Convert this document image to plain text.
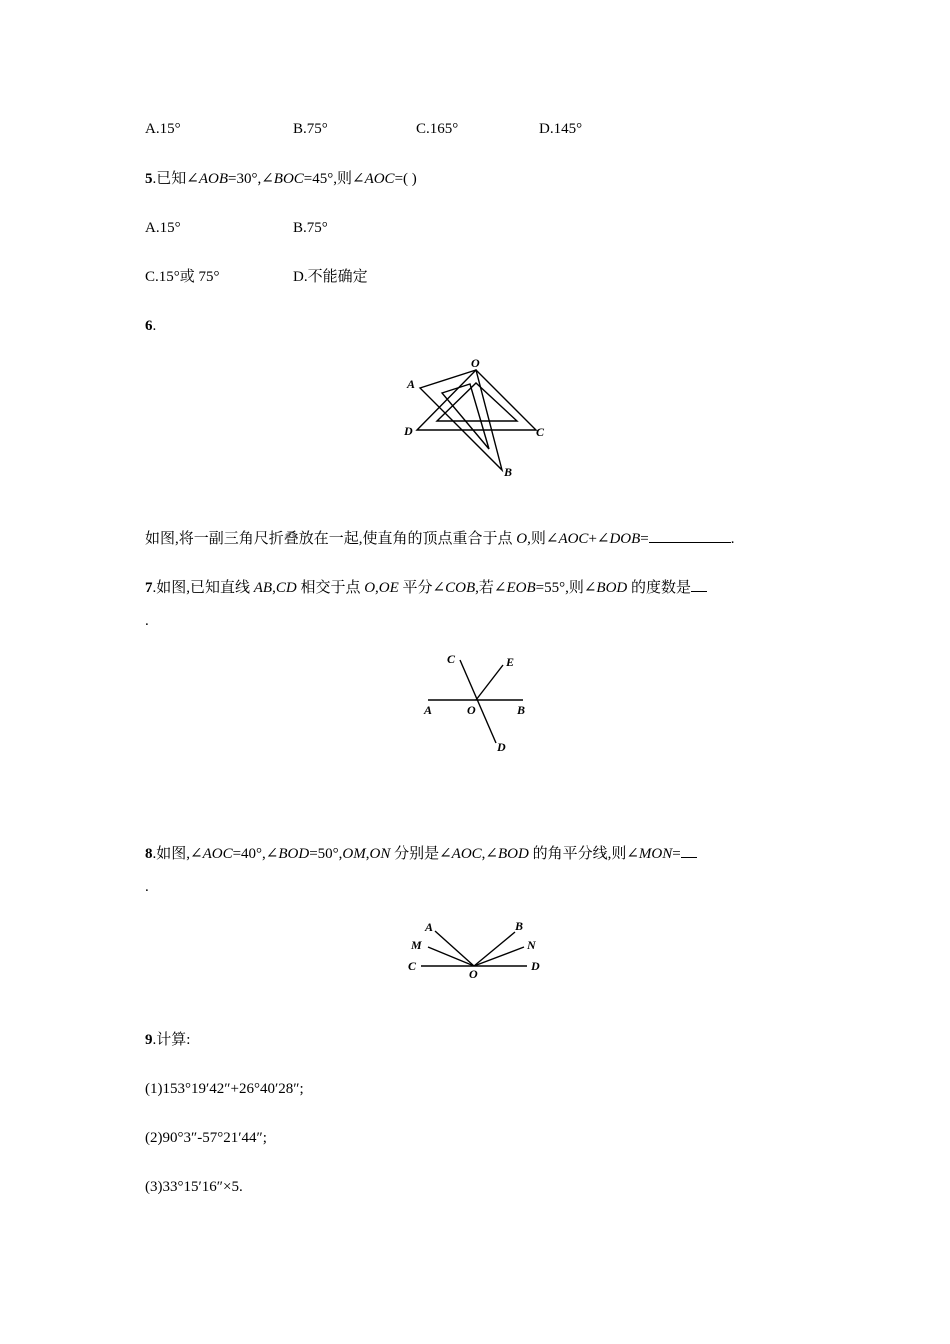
A.15°	B.75°	C.165°	D.145°
5.已知∠AOB=30°,∠BOC=45°,则∠AOC=( )
A.15°	B.75°
C.15°或 75°	D.不能确定
6.
O
A
D	C
B
如图,将一副三角尺折叠放在一起,使直角的顶点重合于点 O,则∠AOC+∠DOB=	.
7.如图,已知直线 AB,CD 相交于点 O,OE 平分∠COB,若∠EOB=55°,则∠BOD 的度数是
.
C	E
A	O	B
D
8.如图,∠AOC=40°,∠BOD=50°,OM,ON 分别是∠AOC,∠BOD 的角平分线,则∠MON=
.
A	B
M	N
C	D
O
9.计算:
(1)153°19′42″+26°40′28″;
(2)90°3″-57°21′44″;
(3)33°15′16″×5.
